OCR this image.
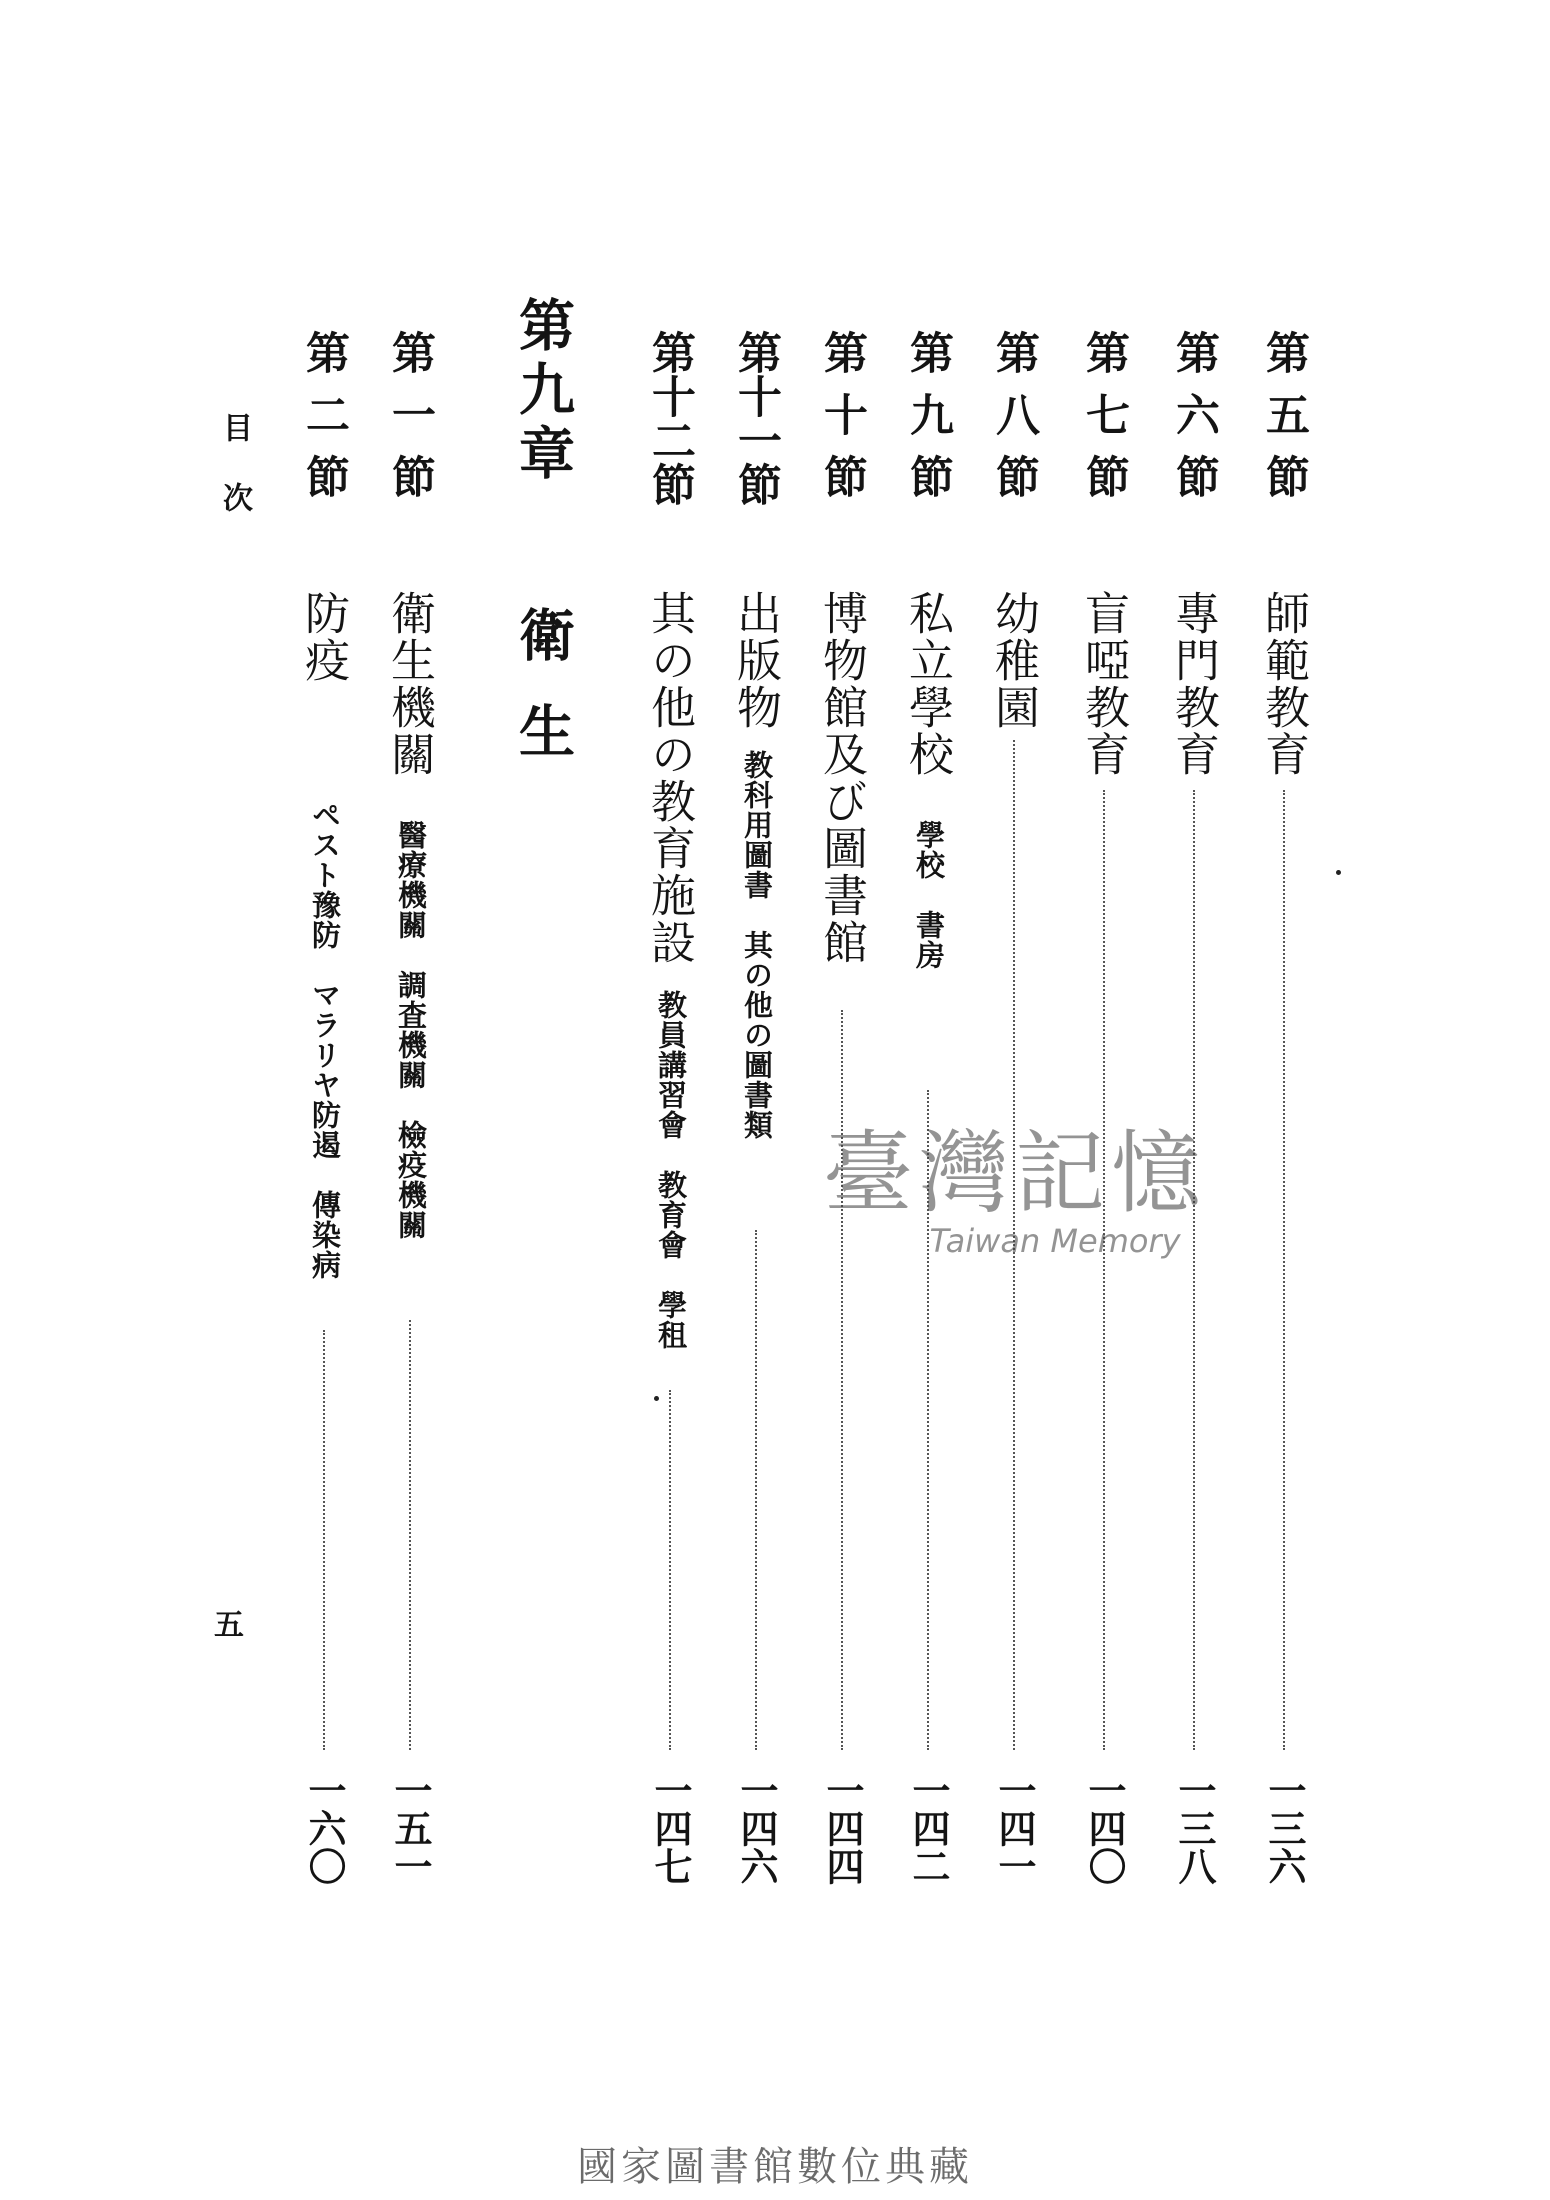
第五節
師範教育
一三六
第六節
專門教育
一三八
第七節
盲啞教育
一四〇
第八節
幼稚園
一四一
第九節
私立學校
學校　書房
一四二
第十節
博物館及び圖書館
一四四
第十一節
出版物
教科用圖書　其の他の圖書類
一四六
第十二節
其の他の教育施設
教員講習會　教育會　學租
一四七
第一節
衛生機關
醫療機關　調査機關　檢疫機關
一五一
第二節
防疫
ペスト豫防　マラリヤ防遏　傳染病
一六〇
第九章
衛生
目次
五
臺灣記憶
Taiwan Memory
國家圖書館數位典藏
